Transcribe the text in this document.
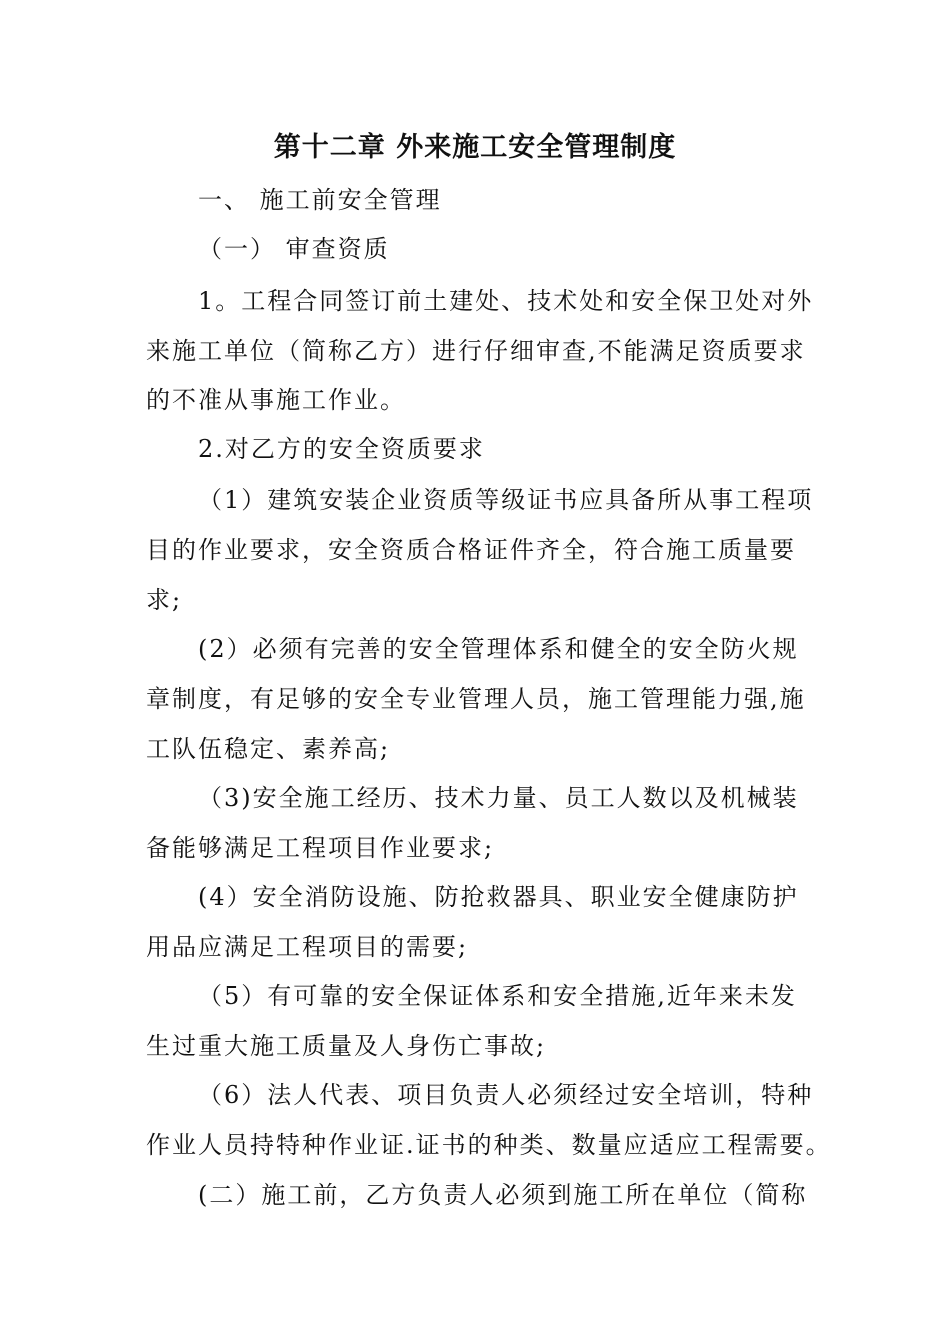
第十二章 外来施工安全管理制度
一、 施工前安全管理
（一） 审查资质
1。工程合同签订前土建处、技术处和安全保卫处对外
来施工单位（简称乙方）进行仔细审查,不能满足资质要求
的不准从事施工作业。
2.对乙方的安全资质要求
（1）建筑安装企业资质等级证书应具备所从事工程项
目的作业要求，安全资质合格证件齐全，符合施工质量要
求;
(2）必须有完善的安全管理体系和健全的安全防火规
章制度，有足够的安全专业管理人员，施工管理能力强,施
工队伍稳定、素养高;
（3)安全施工经历、技术力量、员工人数以及机械装
备能够满足工程项目作业要求;
(4）安全消防设施、防抢救器具、职业安全健康防护
用品应满足工程项目的需要;
（5）有可靠的安全保证体系和安全措施,近年来未发
生过重大施工质量及人身伤亡事故;
（6）法人代表、项目负责人必须经过安全培训，特种
作业人员持特种作业证.证书的种类、数量应适应工程需要。
(二）施工前，乙方负责人必须到施工所在单位（简称
